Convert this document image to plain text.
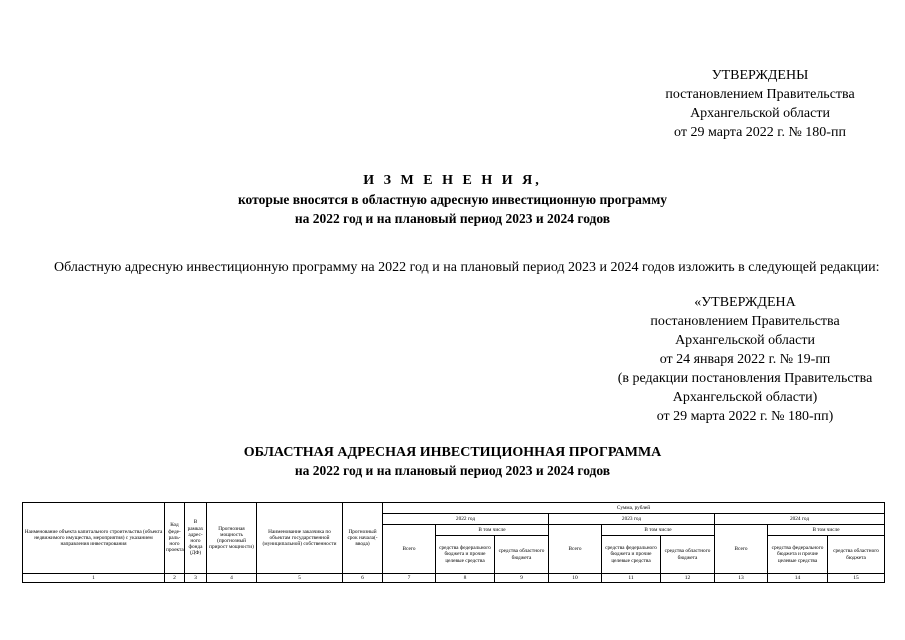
УТВЕРЖДЕНЫ
постановлением Правительства
Архангельской области
от 29 марта 2022 г. № 180-пп
И З М Е Н Е Н И Я,
которые вносятся в областную адресную инвестиционную программу
на 2022 год и на плановый период 2023 и 2024 годов
Областную адресную инвестиционную программу на 2022 год и на плановый период 2023 и 2024 годов изложить в следующей редакции:
«УТВЕРЖДЕНА
постановлением Правительства
Архангельской области
от 24 января 2022 г. № 19-пп
(в редакции постановления Правительства
Архангельской области)
от 29 марта 2022 г. № 180-пп)
ОБЛАСТНАЯ АДРЕСНАЯ ИНВЕСТИЦИОННАЯ ПРОГРАММА
на 2022 год и на плановый период 2023 и 2024 годов
Наименование объекта капитального строительства (объекта недвижимого имущества, мероприятия) с указанием направления инвестирования	Код феде-раль-ного проекта	В рамках адрес-ного фонда (ДФ)	Прогнозная мощность (прогнозный прирост мощности)	Наименование заказчика по объектам государственной (муниципальной) собственности	Прогнозный срок начала(-ввода)	Сумма, рублей								
						2022 год			2023 год			2024 год		
						Всего	В том числе		Всего	В том числе		Всего	В том числе	
							средства федерального бюджета и прочие целевые средства	средства областного бюджета		средства федерального бюджета и прочие целевые средства	средства областного бюджета		средства федерального бюджета и прочие целевые средства	средства областного бюджета
1	2	3	4	5	6	7	8	9	10	11	12	13	14	15
